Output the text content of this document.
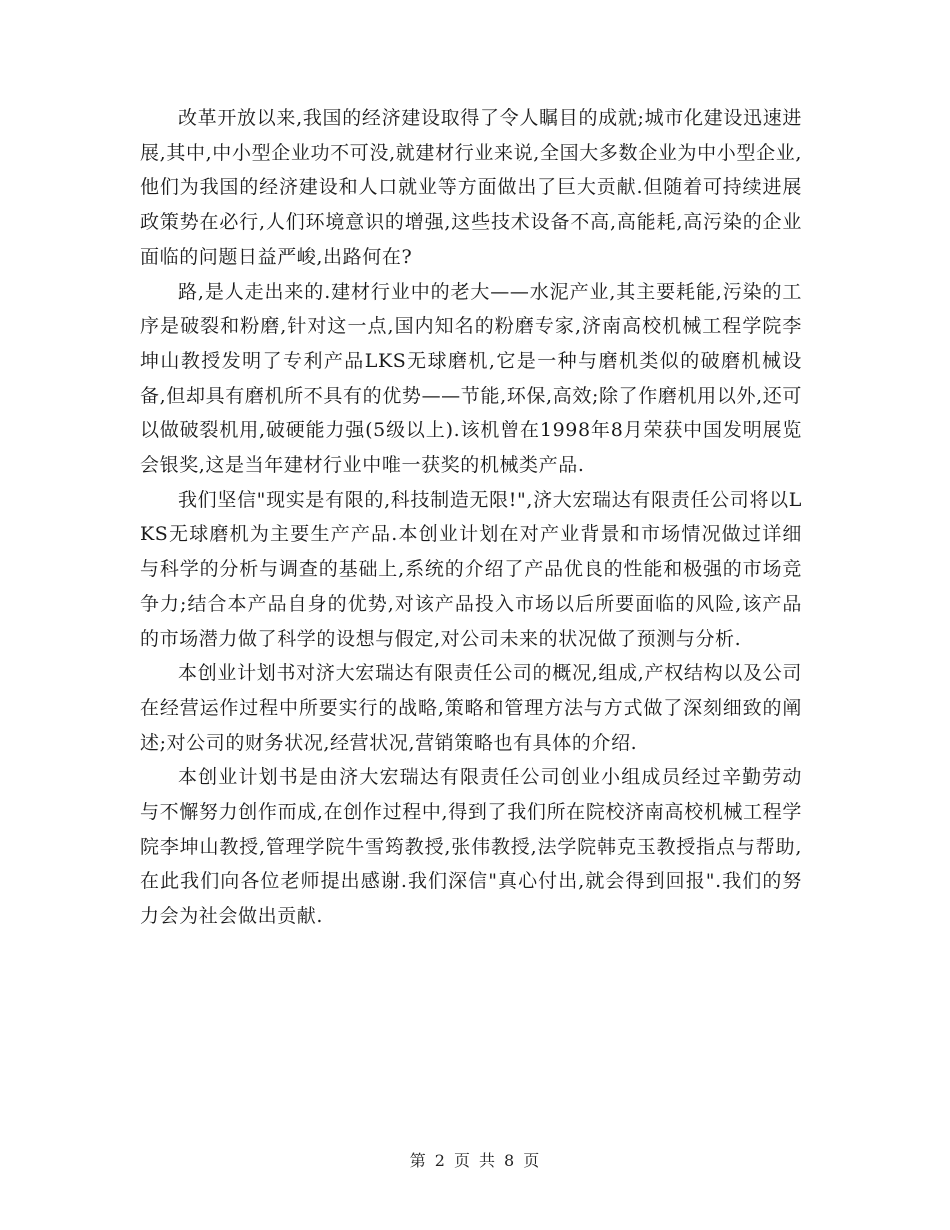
改革开放以来,我国的经济建设取得了令人瞩目的成就;城市化建设迅速进展,其中,中小型企业功不可没,就建材行业来说,全国大多数企业为中小型企业,他们为我国的经济建设和人口就业等方面做出了巨大贡献.但随着可持续进展政策势在必行,人们环境意识的增强,这些技术设备不高,高能耗,高污染的企业面临的问题日益严峻,出路何在?

路,是人走出来的.建材行业中的老大——水泥产业,其主要耗能,污染的工序是破裂和粉磨,针对这一点,国内知名的粉磨专家,济南高校机械工程学院李坤山教授发明了专利产品LKS无球磨机,它是一种与磨机类似的破磨机械设备,但却具有磨机所不具有的优势——节能,环保,高效;除了作磨机用以外,还可以做破裂机用,破硬能力强(5级以上).该机曾在1998年8月荣获中国发明展览会银奖,这是当年建材行业中唯一获奖的机械类产品.

我们坚信"现实是有限的,科技制造无限!",济大宏瑞达有限责任公司将以LKS无球磨机为主要生产产品.本创业计划在对产业背景和市场情况做过详细与科学的分析与调查的基础上,系统的介绍了产品优良的性能和极强的市场竞争力;结合本产品自身的优势,对该产品投入市场以后所要面临的风险,该产品的市场潜力做了科学的设想与假定,对公司未来的状况做了预测与分析.

本创业计划书对济大宏瑞达有限责任公司的概况,组成,产权结构以及公司在经营运作过程中所要实行的战略,策略和管理方法与方式做了深刻细致的阐述;对公司的财务状况,经营状况,营销策略也有具体的介绍.

本创业计划书是由济大宏瑞达有限责任公司创业小组成员经过辛勤劳动与不懈努力创作而成,在创作过程中,得到了我们所在院校济南高校机械工程学院李坤山教授,管理学院牛雪筠教授,张伟教授,法学院韩克玉教授指点与帮助,在此我们向各位老师提出感谢.我们深信"真心付出,就会得到回报".我们的努力会为社会做出贡献.

第 2 页 共 8 页
